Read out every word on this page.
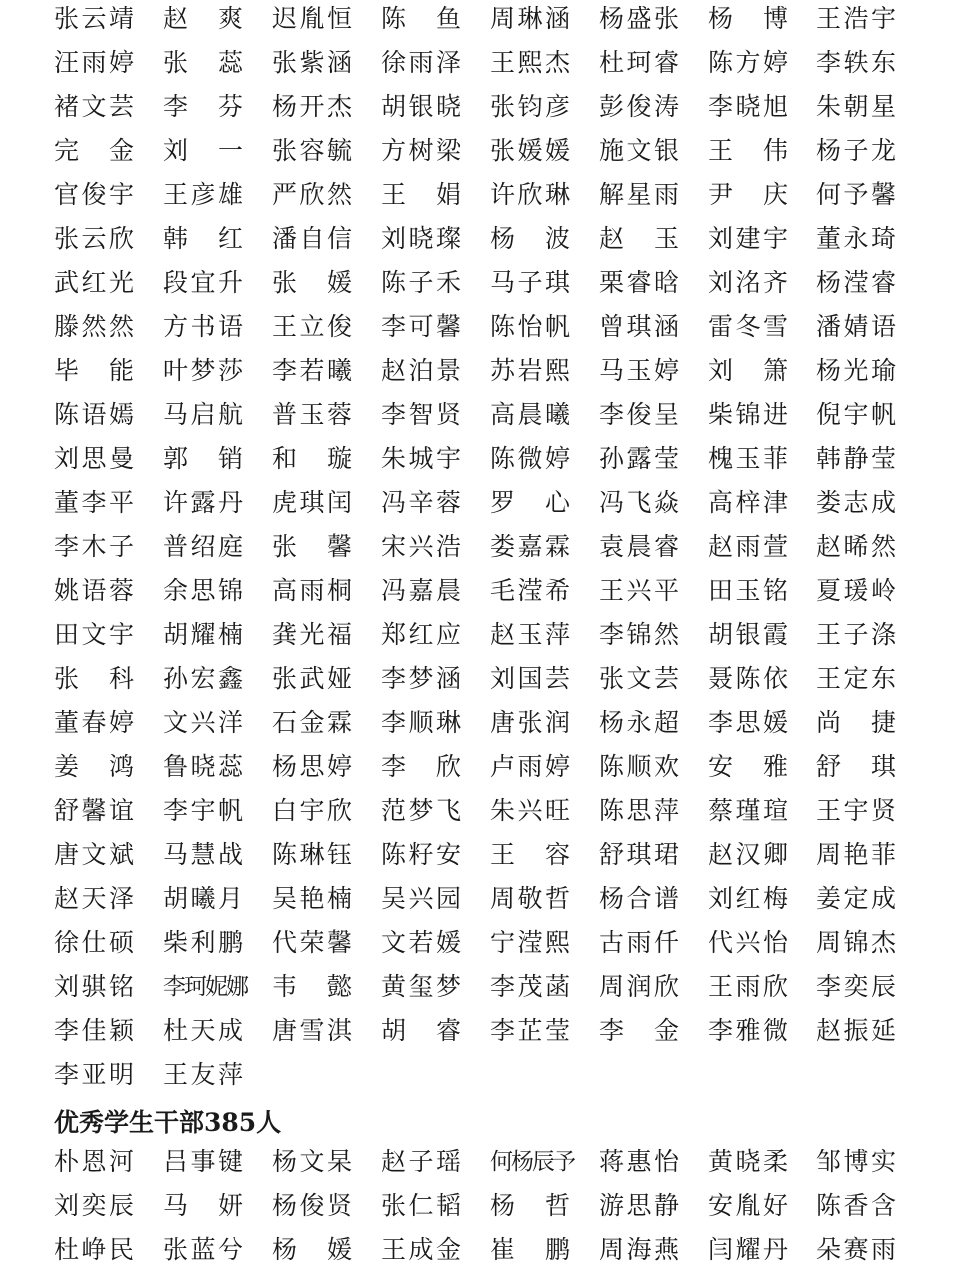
张 云 靖 赵 爽 迟 胤 恒 陈 鱼 周 琳 涵 杨 盛 张 杨 博 王 浩 宇
汪 雨 婷 张 蕊 张 紫 涵 徐 雨 泽 王 熙 杰 杜 珂 睿 陈 方 婷 李 轶 东
褚 文 芸 李 芬 杨 开 杰 胡 银 晓 张 钧 彦 彭 俊 涛 李 晓 旭 朱 朝 星
完 金 刘 一 张 容 毓 方 树 梁 张 媛 媛 施 文 银 王 伟 杨 子 龙
官 俊 宇 王 彦 雄 严 欣 然 王 娟 许 欣 琳 解 星 雨 尹 庆 何 予 馨
张 云 欣 韩 红 潘 自 信 刘 晓 璨 杨 波 赵 玉 刘 建 宇 董 永 琦
武 红 光 段 宜 升 张 媛 陈 子 禾 马 子 琪 栗 睿 晗 刘 洺 齐 杨 滢 睿
滕 然 然 方 书 语 王 立 俊 李 可 馨 陈 怡 帆 曾 琪 涵 雷 冬 雪 潘 婧 语
毕 能 叶 梦 莎 李 若 曦 赵 泊 景 苏 岩 熙 马 玉 婷 刘 箫 杨 光 瑜
陈 语 嫣 马 启 航 普 玉 蓉 李 智 贤 高 晨 曦 李 俊 呈 柴 锦 进 倪 宇 帆
刘 思 曼 郭 销 和 璇 朱 城 宇 陈 微 婷 孙 露 莹 槐 玉 菲 韩 静 莹
董 李 平 许 露 丹 虎 琪 闰 冯 辛 蓉 罗 心 冯 飞 焱 高 梓 津 娄 志 成
李 木 子 普 绍 庭 张 馨 宋 兴 浩 娄 嘉 霖 袁 晨 睿 赵 雨 萱 赵 晞 然
姚 语 蓉 余 思 锦 高 雨 桐 冯 嘉 晨 毛 滢 希 王 兴 平 田 玉 铭 夏 瑗 岭
田 文 宇 胡 耀 楠 龚 光 福 郑 红 应 赵 玉 萍 李 锦 然 胡 银 霞 王 子 涤
张 科 孙 宏 鑫 张 武 娅 李 梦 涵 刘 国 芸 张 文 芸 聂 陈 依 王 定 东
董 春 婷 文 兴 洋 石 金 霖 李 顺 琳 唐 张 润 杨 永 超 李 思 媛 尚 捷
姜 鸿 鲁 晓 蕊 杨 思 婷 李 欣 卢 雨 婷 陈 顺 欢 安 雅 舒 琪
舒 馨 谊 李 宇 帆 白 宇 欣 范 梦 飞 朱 兴 旺 陈 思 萍 蔡 瑾 瑄 王 宇 贤
唐 文 斌 马 慧 战 陈 琳 钰 陈 籽 安 王 容 舒 琪 珺 赵 汉 卿 周 艳 菲
赵 天 泽 胡 曦 月 吴 艳 楠 吴 兴 园 周 敬 哲 杨 合 谱 刘 红 梅 姜 定 成
徐 仕 硕 柴 利 鹏 代 荣 馨 文 若 媛 宁 滢 熙 古 雨 仟 代 兴 怡 周 锦 杰
刘 骐 铭 李珂妮娜 韦 懿 黄 玺 梦 李 茂 菡 周 润 欣 王 雨 欣 李 奕 辰
李 佳 颖 杜 天 成 唐 雪 淇 胡 睿 李 芷 莹 李 金 李 雅 微 赵 振 延
李 亚 明 王 友 萍
优秀学生干部385人
朴 恩 河 吕 事 键 杨 文 杲 赵 子 瑶 何杨辰予 蒋 惠 怡 黄 晓 柔 邹 博 实
刘 奕 辰 马 妍 杨 俊 贤 张 仁 韬 杨 哲 游 思 静 安 胤 好 陈 香 含
杜 峥 民 张 蓝 兮 杨 媛 王 成 金 崔 鹏 周 海 燕 闫 耀 丹 朵 赛 雨
